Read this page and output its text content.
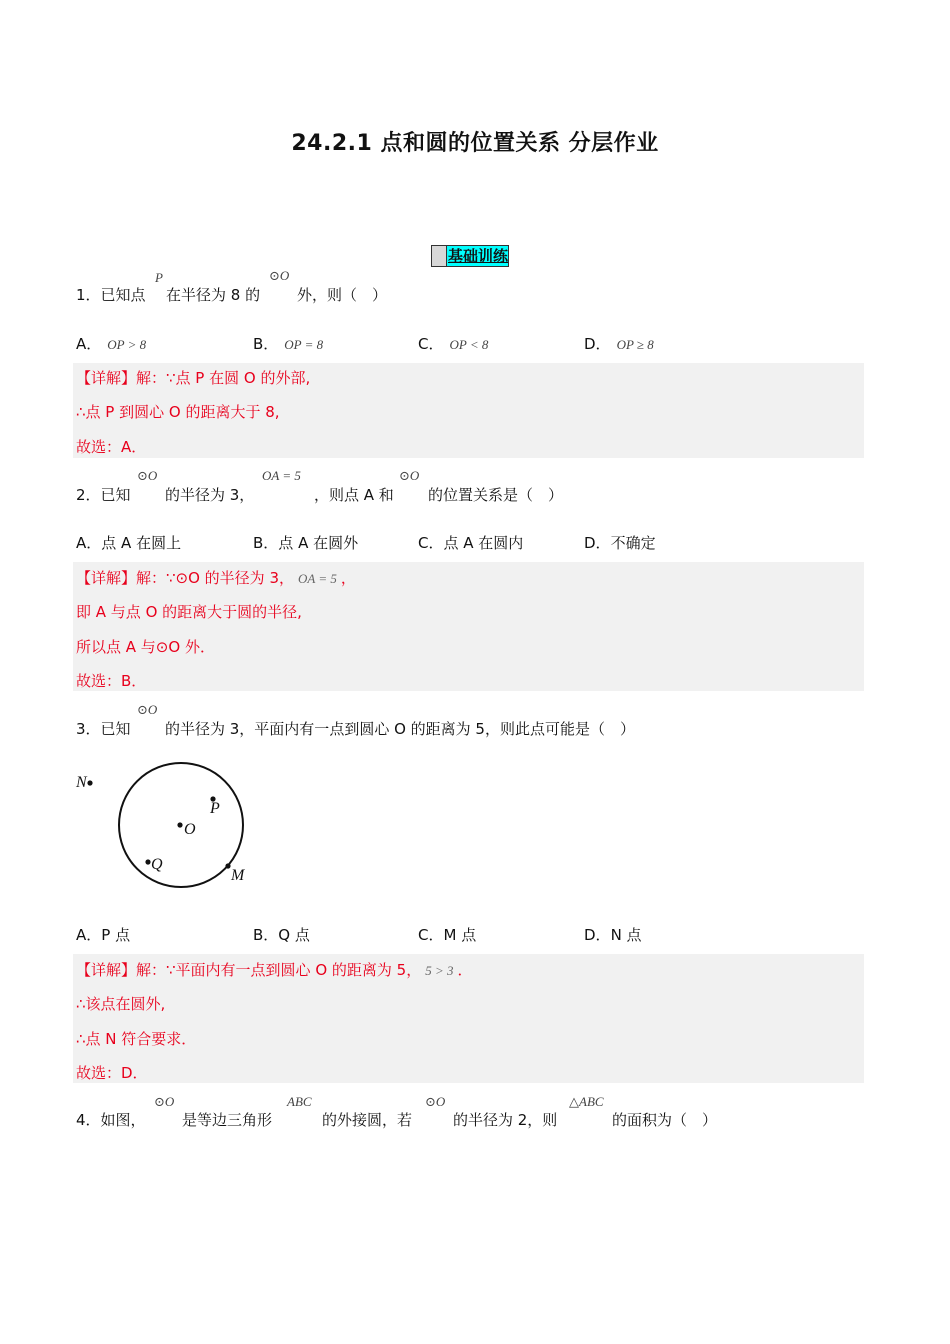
24.2.1 点和圆的位置关系 分层作业
基础训练
1．已知点
P
在半径为 8 的
⊙O
外，则（　）
A． OP > 8	B． OP = 8	C． OP < 8	D． OP ≥ 8
【详解】解：∵点 P 在圆 O 的外部,
∴点 P 到圆心 O 的距离大于 8,
故选：A．
2．已知
⊙O
的半径为 3，
OA = 5
，则点 A 和
⊙O
的位置关系是（　）
A．点 A 在圆上	B．点 A 在圆外	C．点 A 在圆内	D．不确定
【详解】解：∵⊙O 的半径为 3， OA = 5 ，
即 A 与点 O 的距离大于圆的半径,
所以点 A 与⊙O 外．
故选：B．
3．已知
⊙O
的半径为 3，平面内有一点到圆心 O 的距离为 5，则此点可能是（　）
N
P
O
Q
M
A．P 点	B．Q 点	C．M 点	D．N 点
【详解】解：∵平面内有一点到圆心 O 的距离为 5， 5 > 3 ．
∴该点在圆外,
∴点 N 符合要求．
故选：D．
4．如图，
⊙O
是等边三角形
ABC
的外接圆，若
⊙O
的半径为 2，则
△ABC
的面积为（　）
